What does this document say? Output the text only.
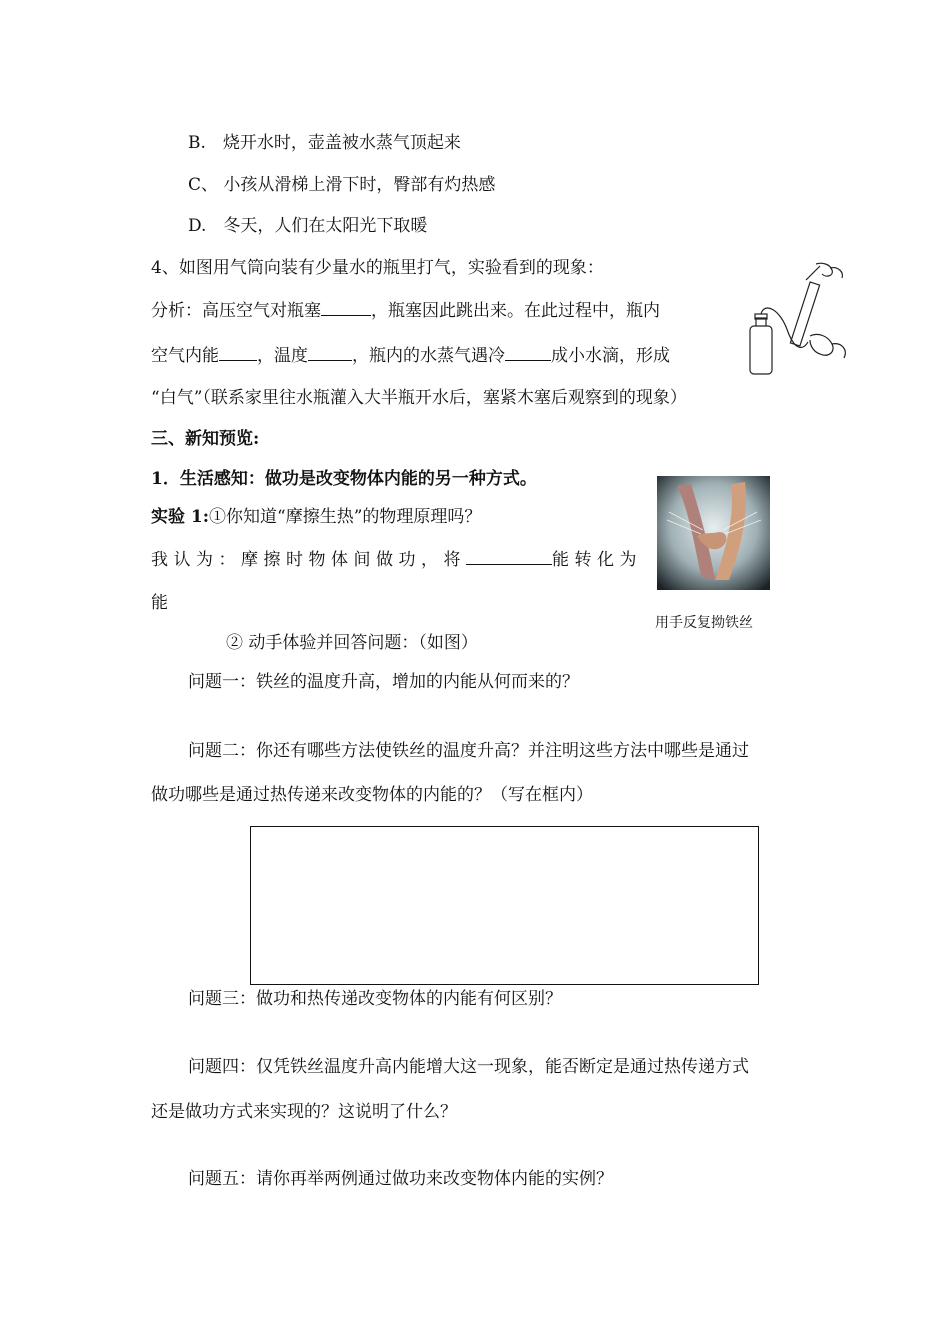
B.　烧开水时，壶盖被水蒸气顶起来
C、 小孩从滑梯上滑下时，臀部有灼热感
D.　冬天，人们在太阳光下取暖
4、如图用气筒向装有少量水的瓶里打气，实验看到的现象：
分析：高压空气对瓶塞	，瓶塞因此跳出来。在此过程中，瓶内
空气内能 ，温度	，瓶内的水蒸气遇冷	成小水滴，形成
“白气”（联系家里往水瓶灌入大半瓶开水后，塞紧木塞后观察到的现象）
三、新知预览:
1．生活感知：做功是改变物体内能的另一种方式。
实验 1:①你知道“摩擦生热”的物理原理吗？
我认为：摩擦时物体间做功，将	能转化为
能
② 动手体验并回答问题：（如图）
问题一：铁丝的温度升高，增加的内能从何而来的？
问题二：你还有哪些方法使铁丝的温度升高？并注明这些方法中哪些是通过
做功哪些是通过热传递来改变物体的内能的？（写在框内）
问题三：做功和热传递改变物体的内能有何区别？
问题四：仅凭铁丝温度升高内能增大这一现象，能否断定是通过热传递方式
还是做功方式来实现的？这说明了什么？
问题五：请你再举两例通过做功来改变物体内能的实例？
用手反复拗铁丝
